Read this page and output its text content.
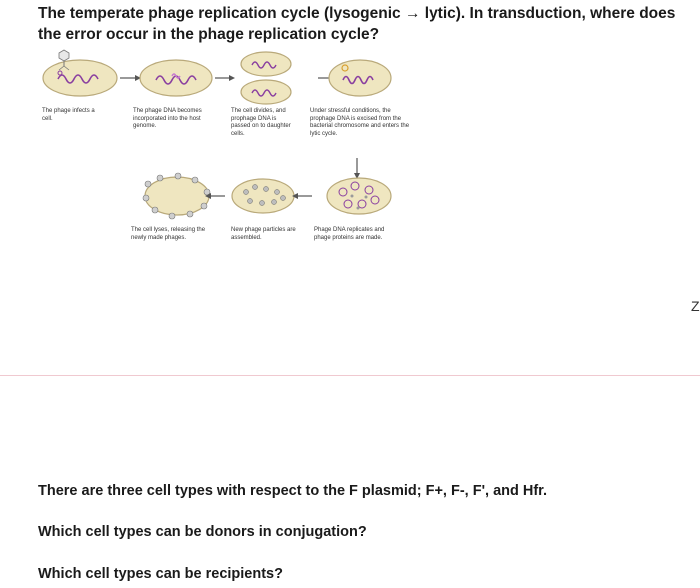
The temperate phage replication cycle (lysogenic → lytic). In transduction, where does the error occur in the phage replication cycle?

The phage infects a cell.

The phage DNA becomes incorporated into the host genome.

The cell divides, and prophage DNA is passed on to daughter cells.

Under stressful conditions, the prophage DNA is excised from the bacterial chromosome and enters the lytic cycle.

The cell lyses, releasing the newly made phages.

New phage particles are assembled.

Phage DNA replicates and phage proteins are made.

Z

There are three cell types with respect to the F plasmid; F+, F-, F', and Hfr.

Which cell types can be donors in conjugation?

Which cell types can be recipients?
